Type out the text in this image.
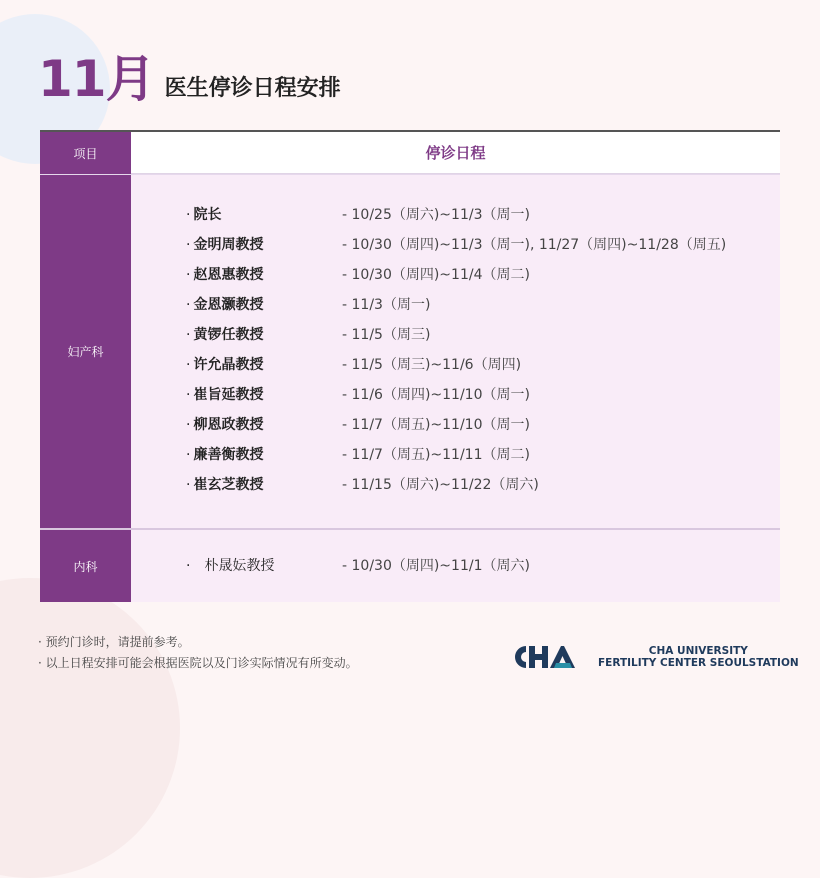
11月 医生停诊日程安排
项目	停诊日程
妇产科
· 院长	- 10/25（周六)~11/3（周一)
· 金明周教授	- 10/30（周四)~11/3（周一), 11/27（周四)~11/28（周五)
· 赵恩惠教授	- 10/30（周四)~11/4（周二)
· 金恩灏教授	- 11/3（周一)
· 黄锣任教授	- 11/5（周三)
· 许允晶教授	- 11/5（周三)~11/6（周四)
· 崔旨延教授	- 11/6（周四)~11/10（周一)
· 柳恩政教授	- 11/7（周五)~11/10（周一)
· 廉善衡教授	- 11/7（周五)~11/11（周二)
· 崔玄芝教授	- 11/15（周六)~11/22（周六)
内科	· 朴晟妘教授	- 10/30（周四)~11/1（周六)
· 预约门诊时，请提前参考。
· 以上日程安排可能会根据医院以及门诊实际情况有所变动。
CHA UNIVERSITY
FERTILITY CENTER SEOULSTATION
